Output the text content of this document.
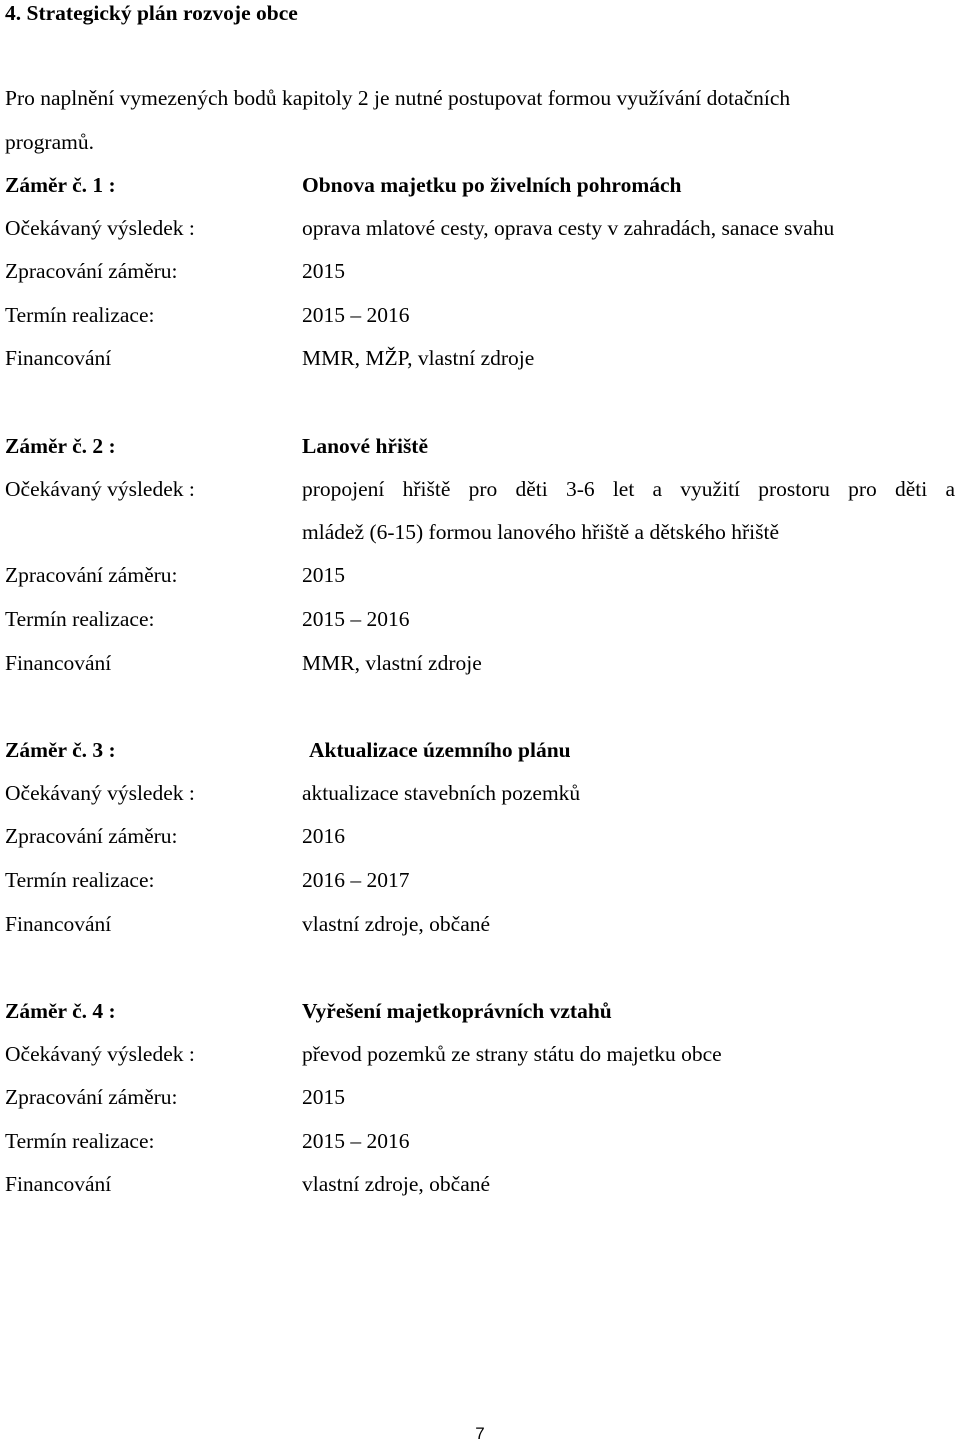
4. Strategický plán rozvoje obce
Pro naplnění vymezených bodů kapitoly 2 je nutné postupovat formou využívání dotačních
programů.
Záměr č. 1 :	Obnova majetku po živelních pohromách
Očekávaný výsledek :	oprava mlatové cesty, oprava cesty v zahradách, sanace svahu
Zpracování záměru:	2015
Termín realizace:	2015 – 2016
Financování	MMR, MŽP, vlastní zdroje
Záměr č. 2 :	Lanové hřiště
Očekávaný výsledek :	propojení hřiště pro děti 3-6 let a využití prostoru pro děti a
mládež (6-15) formou lanového hřiště a dětského hřiště
Zpracování záměru:	2015
Termín realizace:	2015 – 2016
Financování	MMR, vlastní zdroje
Záměr č. 3 :	Aktualizace územního plánu
Očekávaný výsledek :	aktualizace stavebních pozemků
Zpracování záměru:	2016
Termín realizace:	2016 – 2017
Financování	vlastní zdroje, občané
Záměr č. 4 :	Vyřešení majetkoprávních vztahů
Očekávaný výsledek :	převod pozemků ze strany státu do majetku obce
Zpracování záměru:	2015
Termín realizace:	2015 – 2016
Financování	vlastní zdroje, občané
7
